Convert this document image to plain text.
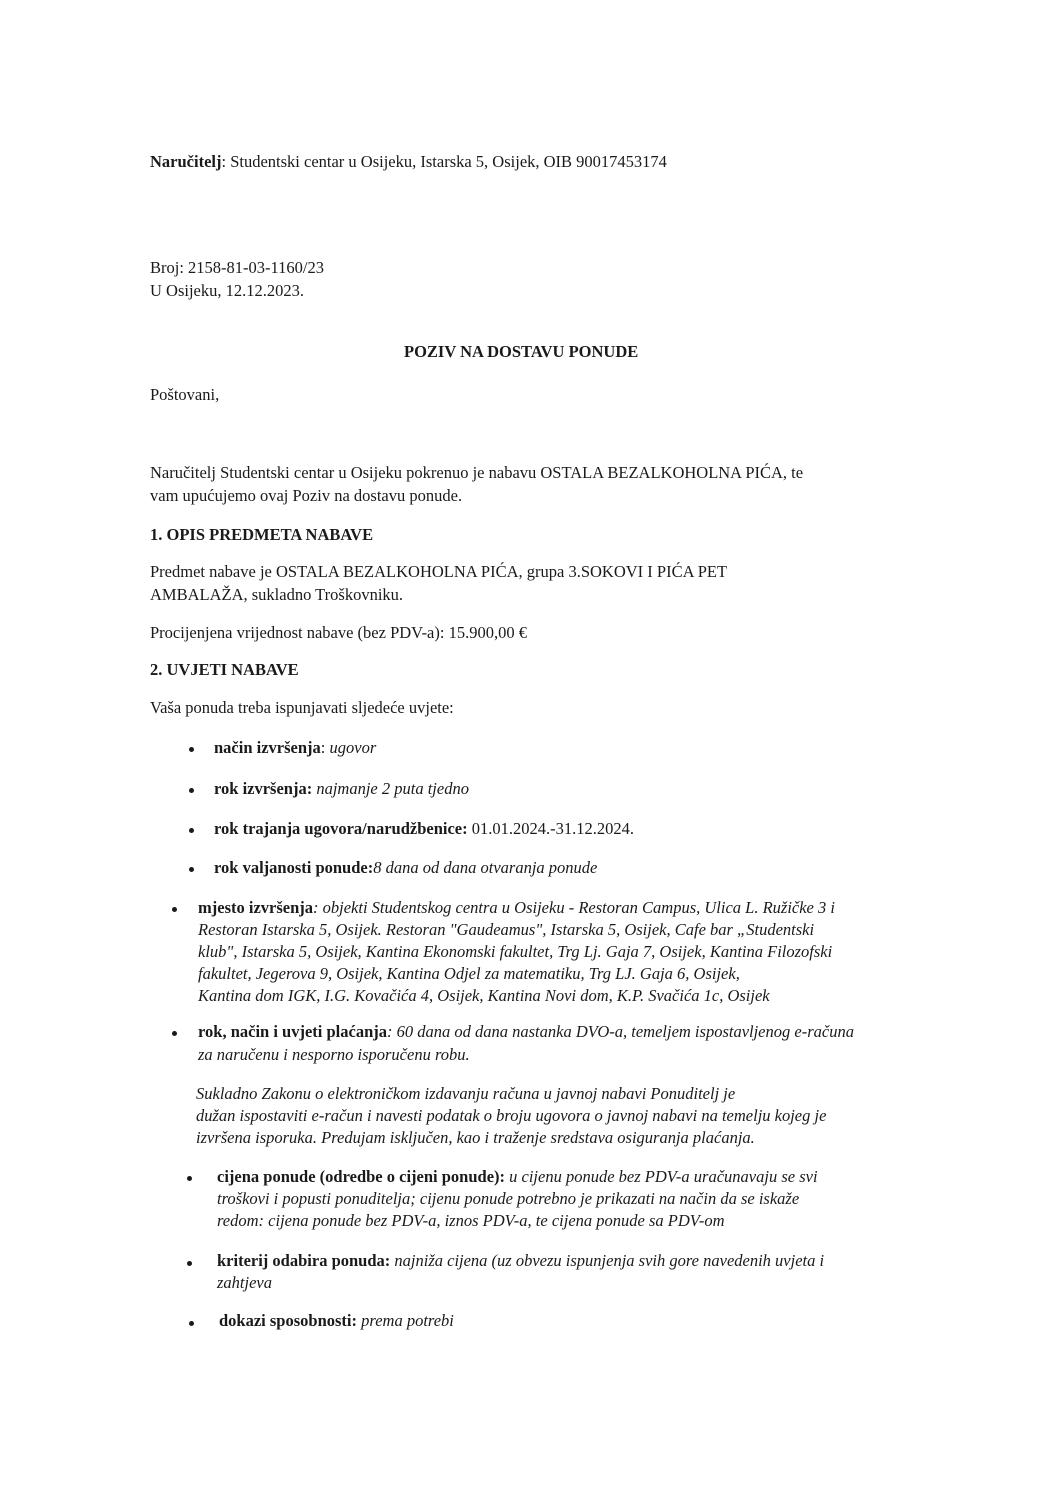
Naručitelj: Studentski centar u Osijeku, Istarska 5, Osijek, OIB 90017453174
Broj: 2158-81-03-1160/23
U Osijeku, 12.12.2023.
POZIV NA DOSTAVU PONUDE
Poštovani,
Naručitelj Studentski centar u Osijeku pokrenuo je nabavu OSTALA BEZALKOHOLNA PIĆA, te
vam upućujemo ovaj Poziv na dostavu ponude.
1. OPIS PREDMETA NABAVE
Predmet nabave je OSTALA BEZALKOHOLNA PIĆA, grupa 3.SOKOVI I PIĆA PET
AMBALAŽA, sukladno Troškovniku.
Procijenjena vrijednost nabave (bez PDV-a): 15.900,00 €
2. UVJETI NABAVE
Vaša ponuda treba ispunjavati sljedeće uvjete:
način izvršenja: ugovor
rok izvršenja: najmanje 2 puta tjedno
rok trajanja ugovora/narudžbenice: 01.01.2024.-31.12.2024.
rok valjanosti ponude:8 dana od dana otvaranja ponude
mjesto izvršenja: objekti Studentskog centra u Osijeku - Restoran Campus, Ulica L. Ružičke 3 i
Restoran Istarska 5, Osijek. Restoran "Gaudeamus", Istarska 5, Osijek, Cafe bar „Studentski
klub", Istarska 5, Osijek, Kantina Ekonomski fakultet, Trg Lj. Gaja 7, Osijek, Kantina Filozofski
fakultet, Jegerova 9, Osijek, Kantina Odjel za matematiku, Trg LJ. Gaja 6, Osijek,
Kantina dom IGK, I.G. Kovačića 4, Osijek, Kantina Novi dom, K.P. Svačića 1c, Osijek
rok, način i uvjeti plaćanja: 60 dana od dana nastanka DVO-a, temeljem ispostavljenog e-računa
za naručenu i nesporno isporučenu robu.
Sukladno Zakonu o elektroničkom izdavanju računa u javnoj nabavi Ponuditelj je
dužan ispostaviti e-račun i navesti podatak o broju ugovora o javnoj nabavi na temelju kojeg je
izvršena isporuka. Predujam isključen, kao i traženje sredstava osiguranja plaćanja.
cijena ponude (odredbe o cijeni ponude): u cijenu ponude bez PDV-a uračunavaju se svi
troškovi i popusti ponuditelja; cijenu ponude potrebno je prikazati na način da se iskaže
redom: cijena ponude bez PDV-a, iznos PDV-a, te cijena ponude sa PDV-om
kriterij odabira ponuda: najniža cijena (uz obvezu ispunjenja svih gore navedenih uvjeta i
zahtjeva
dokazi sposobnosti: prema potrebi
